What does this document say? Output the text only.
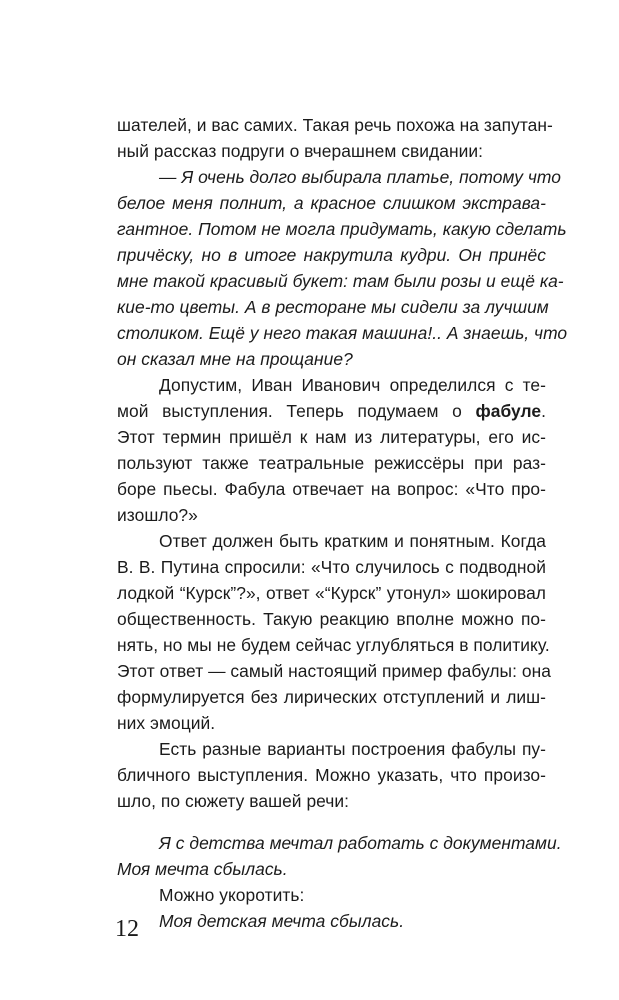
шателей, и вас самих. Такая речь похожа на запутан-

ный рассказ подруги о вчерашнем свидании:

— Я очень долго выбирала платье, потому что

белое меня полнит, а красное слишком экстрава-

гантное. Потом не могла придумать, какую сделать

причёску, но в итоге накрутила кудри. Он принёс

мне такой красивый букет: там были розы и ещё ка-

кие-то цветы. А в ресторане мы сидели за лучшим

столиком. Ещё у него такая машина!.. А знаешь, что

он сказал мне на прощание?

Допустим, Иван Иванович определился с те-

мой выступления. Теперь подумаем о фабуле.

Этот термин пришёл к нам из литературы, его ис-

пользуют также театральные режиссёры при раз-

боре пьесы. Фабула отвечает на вопрос: «Что про-

изошло?»

Ответ должен быть кратким и понятным. Когда

В. В. Путина спросили: «Что случилось с подводной

лодкой “Курск”?», ответ «“Курск” утонул» шокировал

общественность. Такую реакцию вполне можно по-

нять, но мы не будем сейчас углубляться в политику.

Этот ответ — самый настоящий пример фабулы: она

формулируется без лирических отступлений и лиш-

них эмоций.

Есть разные варианты построения фабулы пу-

бличного выступления. Можно указать, что произо-

шло, по сюжету вашей речи:

Я с детства мечтал работать с документами.

Моя мечта сбылась.

Можно укоротить:

Моя детская мечта сбылась.

12
